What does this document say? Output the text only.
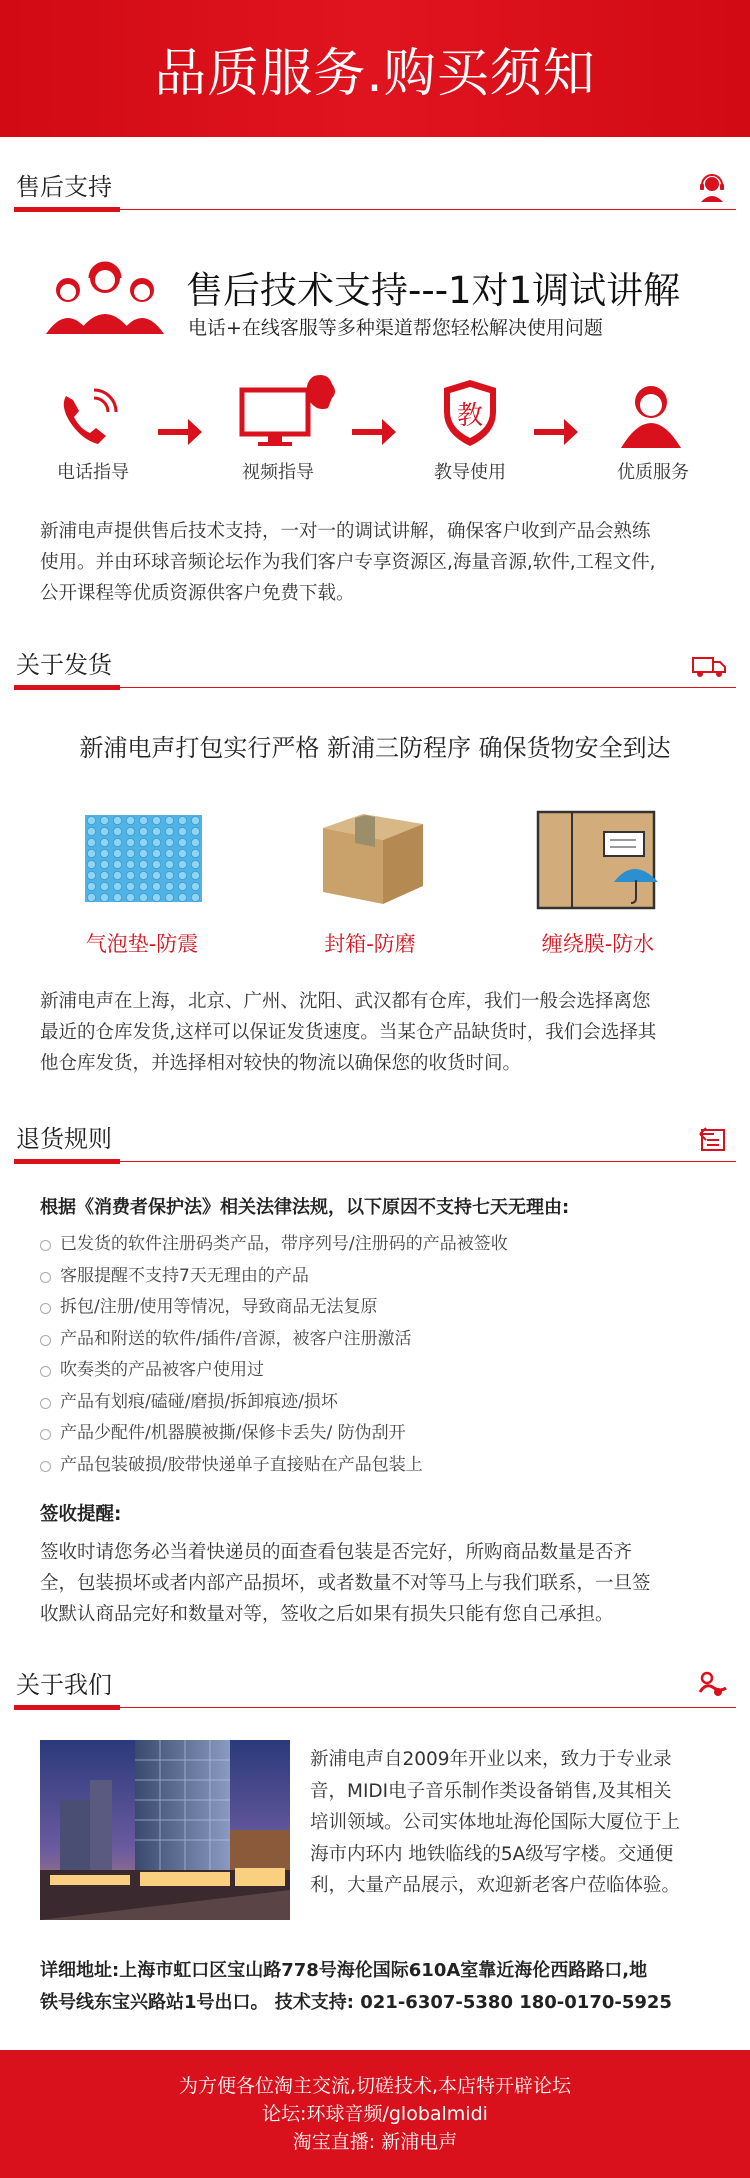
品质服务.购买须知
售后支持
售后技术支持---1对1调试讲解
电话+在线客服等多种渠道帮您轻松解决使用问题
教
电话指导	视频指导	教导使用	优质服务
新浦电声提供售后技术支持，一对一的调试讲解，确保客户收到产品会熟练
使用。并由环球音频论坛作为我们客户专享资源区,海量音源,软件,工程文件,
公开课程等优质资源供客户免费下载。
关于发货
新浦电声打包实行严格 新浦三防程序 确保货物安全到达
气泡垫-防震	封箱-防磨	缠绕膜-防水
新浦电声在上海，北京、广州、沈阳、武汉都有仓库，我们一般会选择离您
最近的仓库发货,这样可以保证发货速度。当某仓产品缺货时，我们会选择其
他仓库发货，并选择相对较快的物流以确保您的收货时间。
退货规则
根据《消费者保护法》相关法律法规，以下原因不支持七天无理由:
已发货的软件注册码类产品，带序列号/注册码的产品被签收
客服提醒不支持7天无理由的产品
拆包/注册/使用等情况，导致商品无法复原
产品和附送的软件/插件/音源，被客户注册激活
吹奏类的产品被客户使用过
产品有划痕/磕碰/磨损/拆卸痕迹/损坏
产品少配件/机器膜被撕/保修卡丢失/ 防伪刮开
产品包装破损/胶带快递单子直接贴在产品包装上
签收提醒:
签收时请您务必当着快递员的面查看包装是否完好，所购商品数量是否齐
全，包装损坏或者内部产品损坏，或者数量不对等马上与我们联系，一旦签
收默认商品完好和数量对等，签收之后如果有损失只能有您自己承担。
关于我们
新浦电声自2009年开业以来，致力于专业录
音，MIDI电子音乐制作类设备销售,及其相关
培训领域。公司实体地址海伦国际大厦位于上
海市内环内 地铁临线的5A级写字楼。交通便
利，大量产品展示，欢迎新老客户莅临体验。
详细地址:上海市虹口区宝山路778号海伦国际610A室靠近海伦西路路口,地
铁号线东宝兴路站1号出口。 技术支持: 021-6307-5380 180-0170-5925
为方便各位淘主交流,切磋技术,本店特开辟论坛
论坛:环球音频/globalmidi
淘宝直播: 新浦电声
